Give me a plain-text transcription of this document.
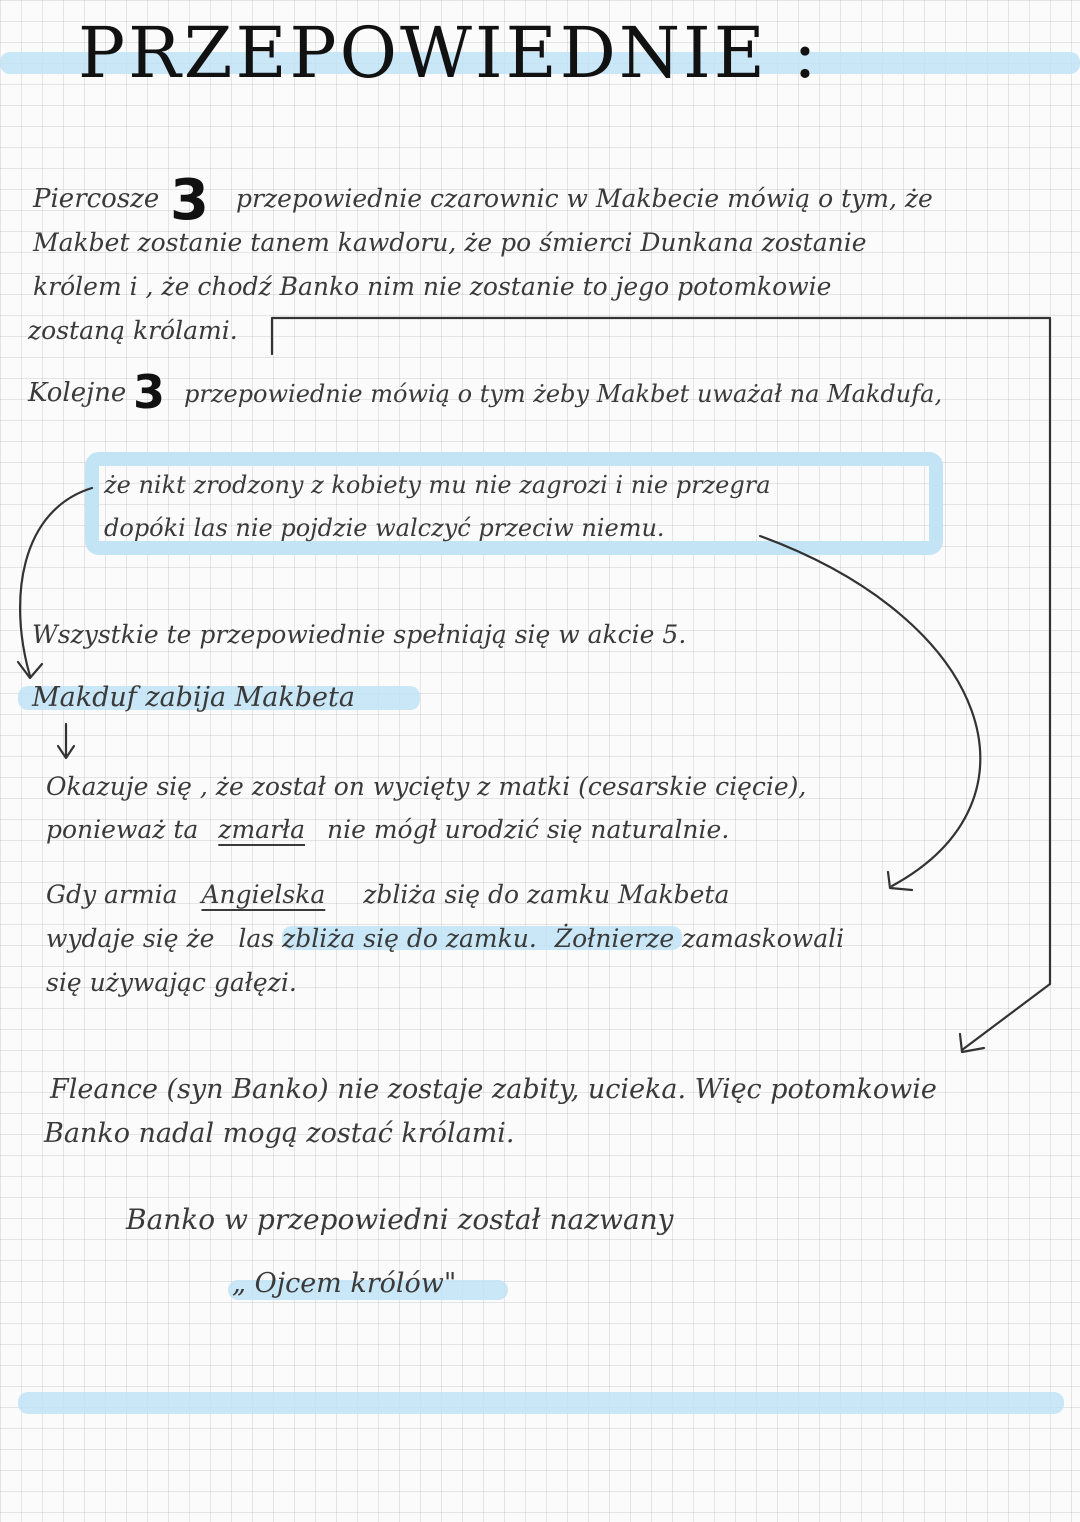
PRZEPOWIEDNIE :
Piercosze 3 przepowiednie czarownic w Makbecie mówią o tym, że
Makbet zostanie tanem kawdoru, że po śmierci Dunkana zostanie
królem i , że chodź Banko nim nie zostanie to jego potomkowie
zostaną królami.
Kolejne 3 przepowiednie mówią o tym żeby Makbet uważał na Makdufa,
że nikt zrodzony z kobiety mu nie zagrozi i nie przegra
dopóki las nie pojdzie walczyć przeciw niemu.
Wszystkie te przepowiednie spełniają się w akcie 5.
Makduf zabija Makbeta
Okazuje się , że został on wycięty z matki (cesarskie cięcie),
ponieważ ta zmarła nie mógł urodzić się naturalnie.
Gdy armia Angielska zbliża się do zamku Makbeta
wydaje się że las zbliża się do zamku. Żołnierze zamaskowali
się używając gałęzi.
Fleance (syn Banko) nie zostaje zabity, ucieka. Więc potomkowie
Banko nadal mogą zostać królami.
Banko w przepowiedni został nazwany
„ Ojcem królów"
